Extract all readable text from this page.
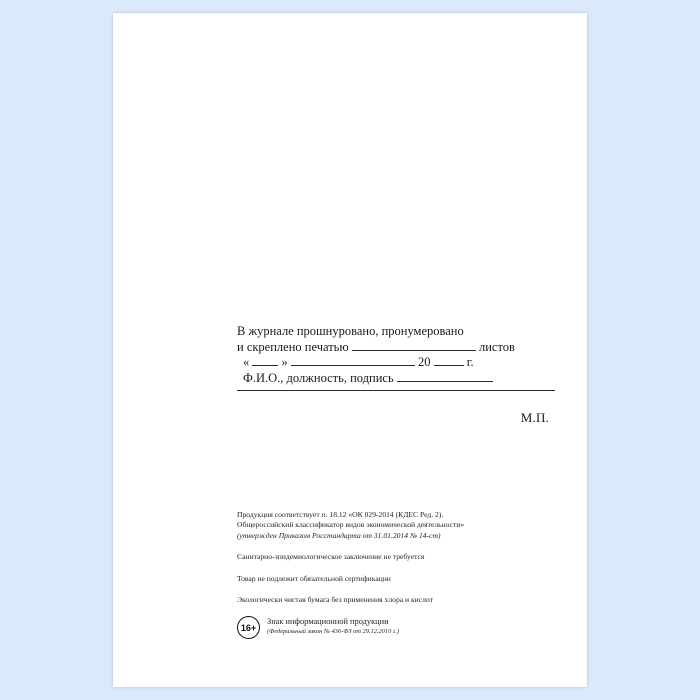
В журнале прошнуровано, пронумеровано
и скреплено печатью	листов
«	»	20	г.
Ф.И.О., должность, подпись
М.П.
Продукция соответствует п. 18.12 «ОК 029-2014 (КДЕС Ред. 2).
Общероссийский классификатор видов экономической деятельности»
(утвержден Приказом Росстандарта от 31.01.2014 № 14-ст)
Санитарно-эпидемиологическое заключение не требуется
Товар не подлежит обязательной сертификации
Экологически чистая бумага без применения хлора и кислот
16+
Знак информационной продукции
(Федеральный закон № 436-ФЗ от 29.12.2010 г.)
